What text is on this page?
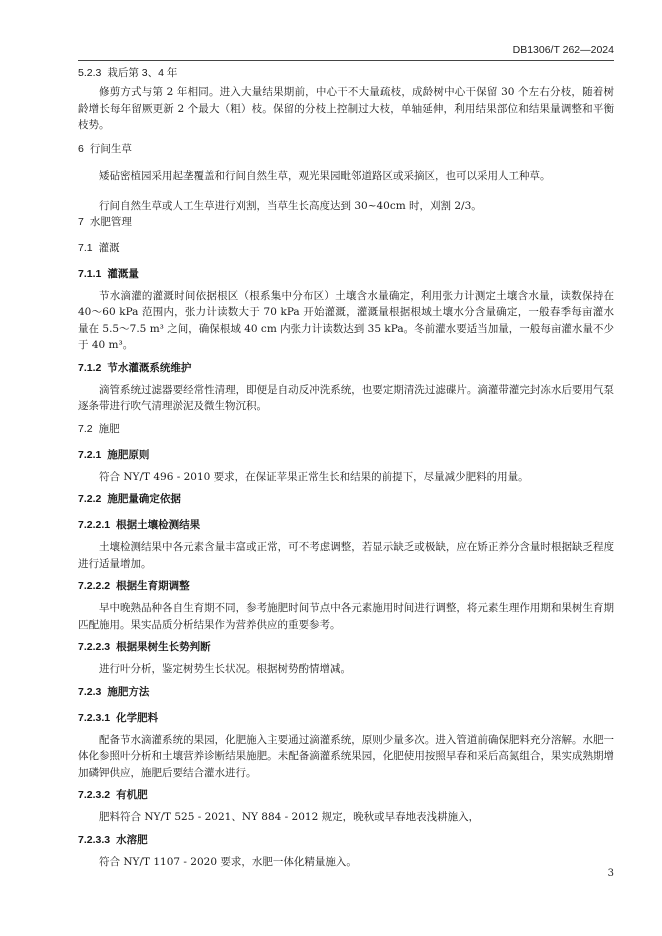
DB1306/T 262—2024
5.2.3 栽后第 3、4 年

修剪方式与第 2 年相同。进入大量结果期前，中心干不大量疏枝，成龄树中心干保留 30 个左右分枝，随着树龄增长每年留厥更新 2 个最大（粗）枝。保留的分枝上控制过大枝，单轴延伸，利用结果部位和结果量调整和平衡枝势。

6 行间生草

矮砧密植园采用起垄覆盖和行间自然生草，观光果园毗邻道路区或采摘区，也可以采用人工种草。

行间自然生草或人工生草进行刈割，当草生长高度达到 30~40cm 时，刈割 2/3。

7 水肥管理
7.1 灌溉
7.1.1 灌溉量

节水滴灌的灌溉时间依据根区（根系集中分布区）土壤含水量确定，利用张力计测定土壤含水量，读数保持在 40～60 kPa 范围内，张力计读数大于 70 kPa 开始灌溉，灌溉量根据根域土壤水分含量确定，一般春季每亩灌水量在 5.5～7.5 m³ 之间，确保根域 40 cm 内张力计读数达到 35 kPa。冬前灌水要适当加量，一般每亩灌水量不少于 40 m³。

7.1.2 节水灌溉系统维护

滴管系统过滤器要经常性清理，即便是自动反冲洗系统，也要定期清洗过滤碟片。滴灌带灌完封冻水后要用气泵逐条带进行吹气清理淤泥及微生物沉积。

7.2 施肥
7.2.1 施肥原则

符合 NY/T 496 - 2010 要求，在保证苹果正常生长和结果的前提下，尽量减少肥料的用量。

7.2.2 施肥量确定依据
7.2.2.1 根据土壤检测结果

土壤检测结果中各元素含量丰富或正常，可不考虑调整，若显示缺乏或极缺，应在矫正养分含量时根据缺乏程度进行适量增加。

7.2.2.2 根据生育期调整

早中晚熟品种各自生育期不同，参考施肥时间节点中各元素施用时间进行调整，将元素生理作用期和果树生育期匹配施用。果实品质分析结果作为营养供应的重要参考。

7.2.2.3 根据果树生长势判断

进行叶分析，鉴定树势生长状况。根据树势酌情增减。

7.2.3 施肥方法
7.2.3.1 化学肥料

配备节水滴灌系统的果园，化肥施入主要通过滴灌系统，原则少量多次。进入管道前确保肥料充分溶解。水肥一体化参照叶分析和土壤营养诊断结果施肥。未配备滴灌系统果园，化肥使用按照早春和采后高氮组合，果实成熟期增加磷钾供应，施肥后要结合灌水进行。

7.2.3.2 有机肥

肥料符合 NY/T 525 - 2021、NY 884 - 2012 规定，晚秋或早春地表浅耕施入，

7.2.3.3 水溶肥

符合 NY/T 1107 - 2020 要求，水肥一体化精量施入。

3
